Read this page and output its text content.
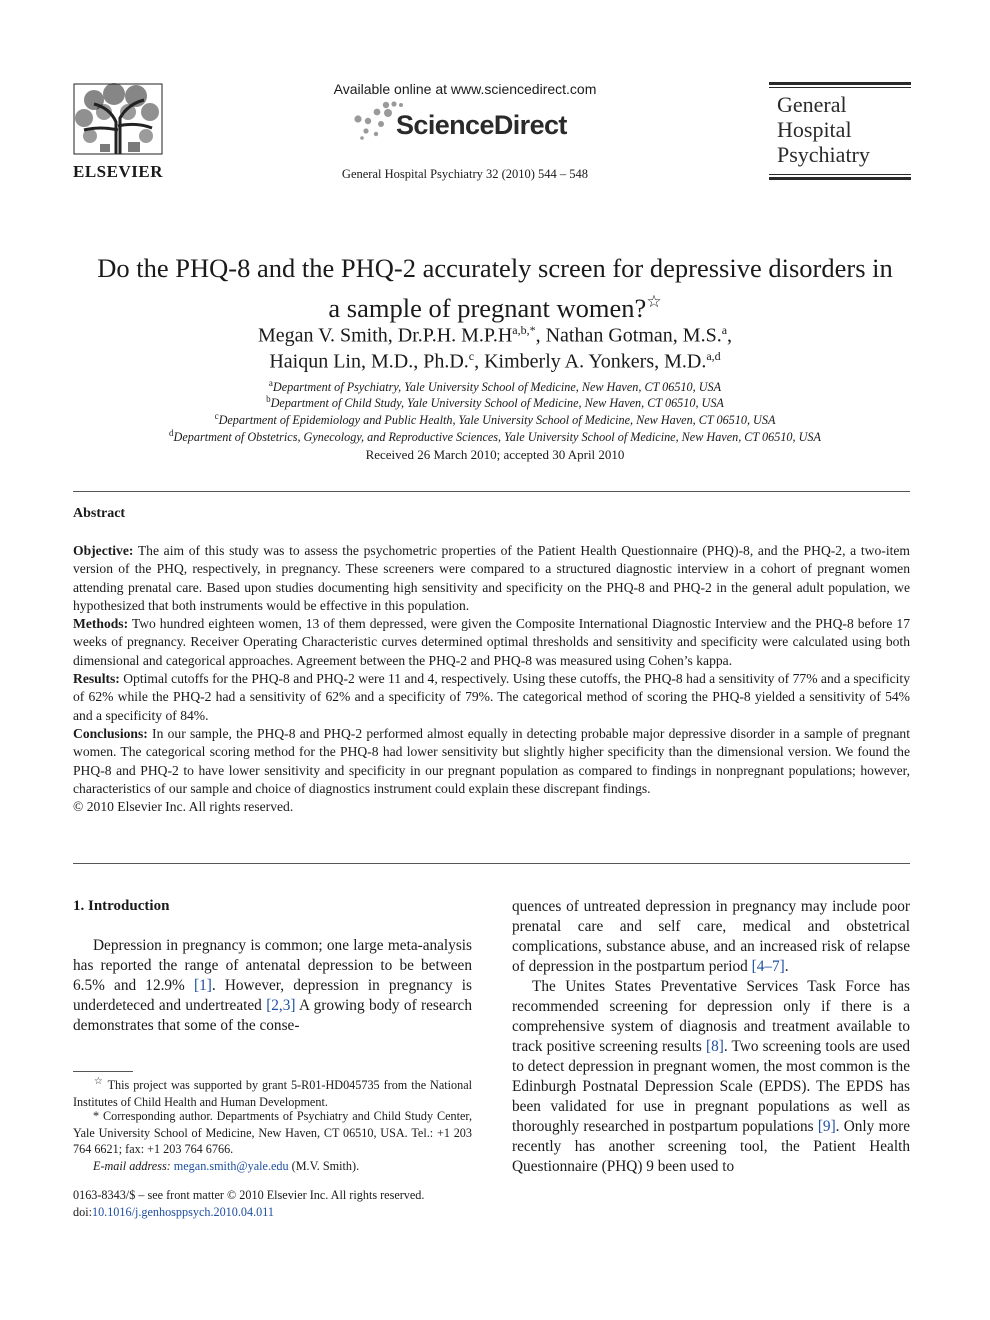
ELSEVIER
Available online at www.sciencedirect.com
ScienceDirect
General Hospital Psychiatry 32 (2010) 544 – 548
General
Hospital
Psychiatry
Do the PHQ-8 and the PHQ-2 accurately screen for depressive disorders in
a sample of pregnant women?☆
Megan V. Smith, Dr.P.H. $M.P.H^{a,b,*}$, Nathan Gotman, M.S.$^a$,
Haiqun Lin, M.D., Ph.D.$^c$, Kimberly A. Yonkers, M.D.$^{a,d}$
$^a$Department of Psychiatry, Yale University School of Medicine, New Haven, CT 06510, USA
$^b$Department of Child Study, Yale University School of Medicine, New Haven, CT 06510, USA
$^c$Department of Epidemiology and Public Health, Yale University School of Medicine, New Haven, CT 06510, USA
$^d$Department of Obstetrics, Gynecology, and Reproductive Sciences, Yale University School of Medicine, New Haven, CT 06510, USA
Received 26 March 2010; accepted 30 April 2010
Abstract

Objective: The aim of this study was to assess the psychometric properties of the Patient Health Questionnaire (PHQ)-8, and the PHQ-2, a two-item version of the PHQ, respectively, in pregnancy. These screeners were compared to a structured diagnostic interview in a cohort of pregnant women attending prenatal care. Based upon studies documenting high sensitivity and specificity on the PHQ-8 and PHQ-2 in the general adult population, we hypothesized that both instruments would be effective in this population.

Methods: Two hundred eighteen women, 13 of them depressed, were given the Composite International Diagnostic Interview and the PHQ-8 before 17 weeks of pregnancy. Receiver Operating Characteristic curves determined optimal thresholds and sensitivity and specificity were calculated using both dimensional and categorical approaches. Agreement between the PHQ-2 and PHQ-8 was measured using Cohen’s kappa.

Results: Optimal cutoffs for the PHQ-8 and PHQ-2 were 11 and 4, respectively. Using these cutoffs, the PHQ-8 had a sensitivity of 77% and a specificity of 62% while the PHQ-2 had a sensitivity of 62% and a specificity of 79%. The categorical method of scoring the PHQ-8 yielded a sensitivity of 54% and a specificity of 84%.

Conclusions: In our sample, the PHQ-8 and PHQ-2 performed almost equally in detecting probable major depressive disorder in a sample of pregnant women. The categorical scoring method for the PHQ-8 had lower sensitivity but slightly higher specificity than the dimensional version. We found the PHQ-8 and PHQ-2 to have lower sensitivity and specificity in our pregnant population as compared to findings in nonpregnant populations; however, characteristics of our sample and choice of diagnostics instrument could explain these discrepant findings.

© 2010 Elsevier Inc. All rights reserved.

1. Introduction

Depression in pregnancy is common; one large meta-analysis has reported the range of antenatal depression to be between 6.5% and 12.9% [1]. However, depression in pregnancy is underdeteced and undertreated [2,3] A growing body of research demonstrates that some of the conse-

☆ This project was supported by grant 5-R01-HD045735 from the National Institutes of Child Health and Human Development.
* Corresponding author. Departments of Psychiatry and Child Study Center, Yale University School of Medicine, New Haven, CT 06510, USA. Tel.: +1 203 764 6621; fax: +1 203 764 6766.
E-mail address: megan.smith@yale.edu (M.V. Smith).
0163-8343/$ – see front matter © 2010 Elsevier Inc. All rights reserved.
doi:10.1016/j.genhosppsych.2010.04.011

quences of untreated depression in pregnancy may include poor prenatal care and self care, medical and obstetrical complications, substance abuse, and an increased risk of relapse of depression in the postpartum period [4–7].

The Unites States Preventative Services Task Force has recommended screening for depression only if there is a comprehensive system of diagnosis and treatment available to track positive screening results [8]. Two screening tools are used to detect depression in pregnant women, the most common is the Edinburgh Postnatal Depression Scale (EPDS). The EPDS has been validated for use in pregnant populations as well as thoroughly researched in postpartum populations [9]. Only more recently has another screening tool, the Patient Health Questionnaire (PHQ) 9 been used to
